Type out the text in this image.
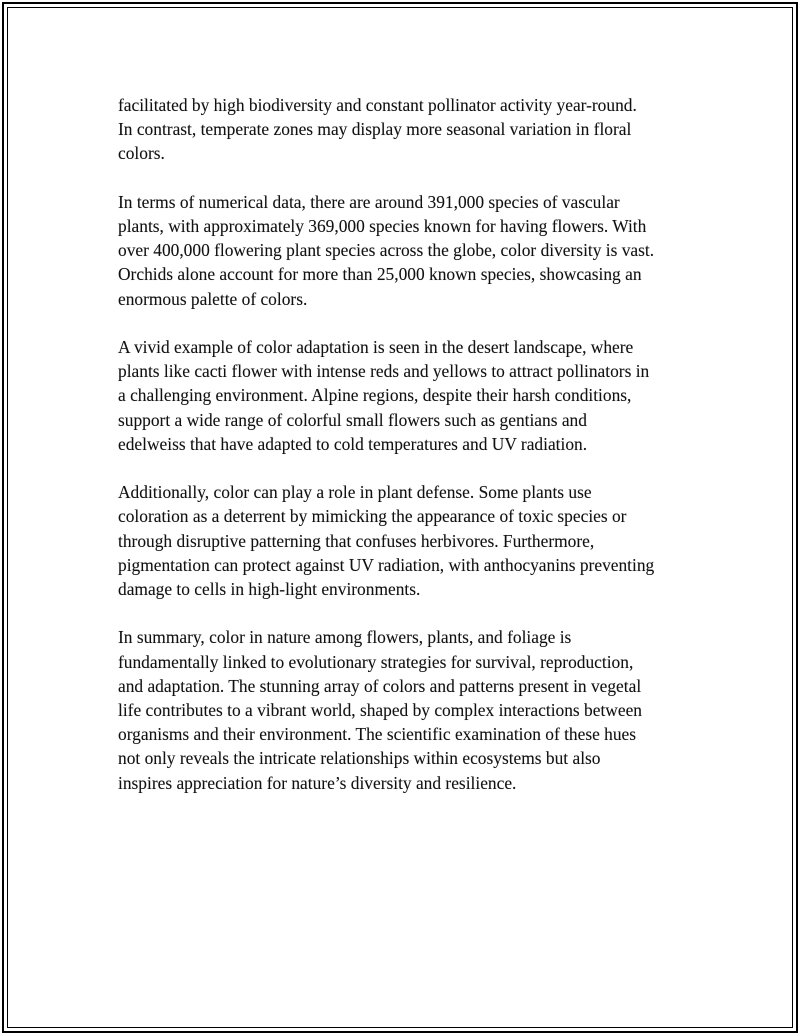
facilitated by high biodiversity and constant pollinator activity year-round.
In contrast, temperate zones may display more seasonal variation in floral
colors.

In terms of numerical data, there are around 391,000 species of vascular
plants, with approximately 369,000 species known for having flowers. With
over 400,000 flowering plant species across the globe, color diversity is vast.
Orchids alone account for more than 25,000 known species, showcasing an
enormous palette of colors.

A vivid example of color adaptation is seen in the desert landscape, where
plants like cacti flower with intense reds and yellows to attract pollinators in
a challenging environment. Alpine regions, despite their harsh conditions,
support a wide range of colorful small flowers such as gentians and
edelweiss that have adapted to cold temperatures and UV radiation.

Additionally, color can play a role in plant defense. Some plants use
coloration as a deterrent by mimicking the appearance of toxic species or
through disruptive patterning that confuses herbivores. Furthermore,
pigmentation can protect against UV radiation, with anthocyanins preventing
damage to cells in high-light environments.

In summary, color in nature among flowers, plants, and foliage is
fundamentally linked to evolutionary strategies for survival, reproduction,
and adaptation. The stunning array of colors and patterns present in vegetal
life contributes to a vibrant world, shaped by complex interactions between
organisms and their environment. The scientific examination of these hues
not only reveals the intricate relationships within ecosystems but also
inspires appreciation for nature’s diversity and resilience.
